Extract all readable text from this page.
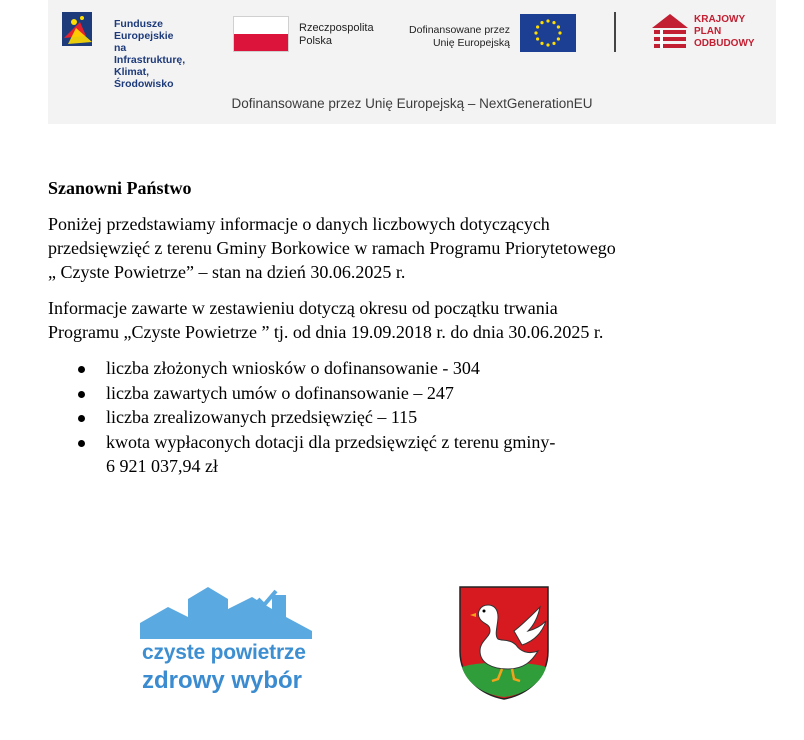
Fundusze Europejskie
na Infrastrukturę,
Klimat, Środowisko
Rzeczpospolita
Polska
Dofinansowane przez
Unię Europejską
KRAJOWY
PLAN
ODBUDOWY
Dofinansowane przez Unię Europejską – NextGenerationEU
Szanowni Państwo
Poniżej przedstawiamy informacje o danych liczbowych dotyczących
przedsięwzięć z terenu Gminy Borkowice w ramach Programu Priorytetowego
„ Czyste Powietrze” – stan na dzień 30.06.2025 r.
Informacje zawarte w zestawieniu dotyczą okresu od początku trwania
Programu „Czyste Powietrze ” tj. od dnia 19.09.2018 r. do dnia 30.06.2025 r.
liczba złożonych wniosków o dofinansowanie - 304
liczba zawartych umów o dofinansowanie – 247
liczba zrealizowanych przedsięwzięć – 115
kwota wypłaconych dotacji dla przedsięwzięć z terenu gminy-
6 921 037,94 zł
czyste powietrze
zdrowy wybór
